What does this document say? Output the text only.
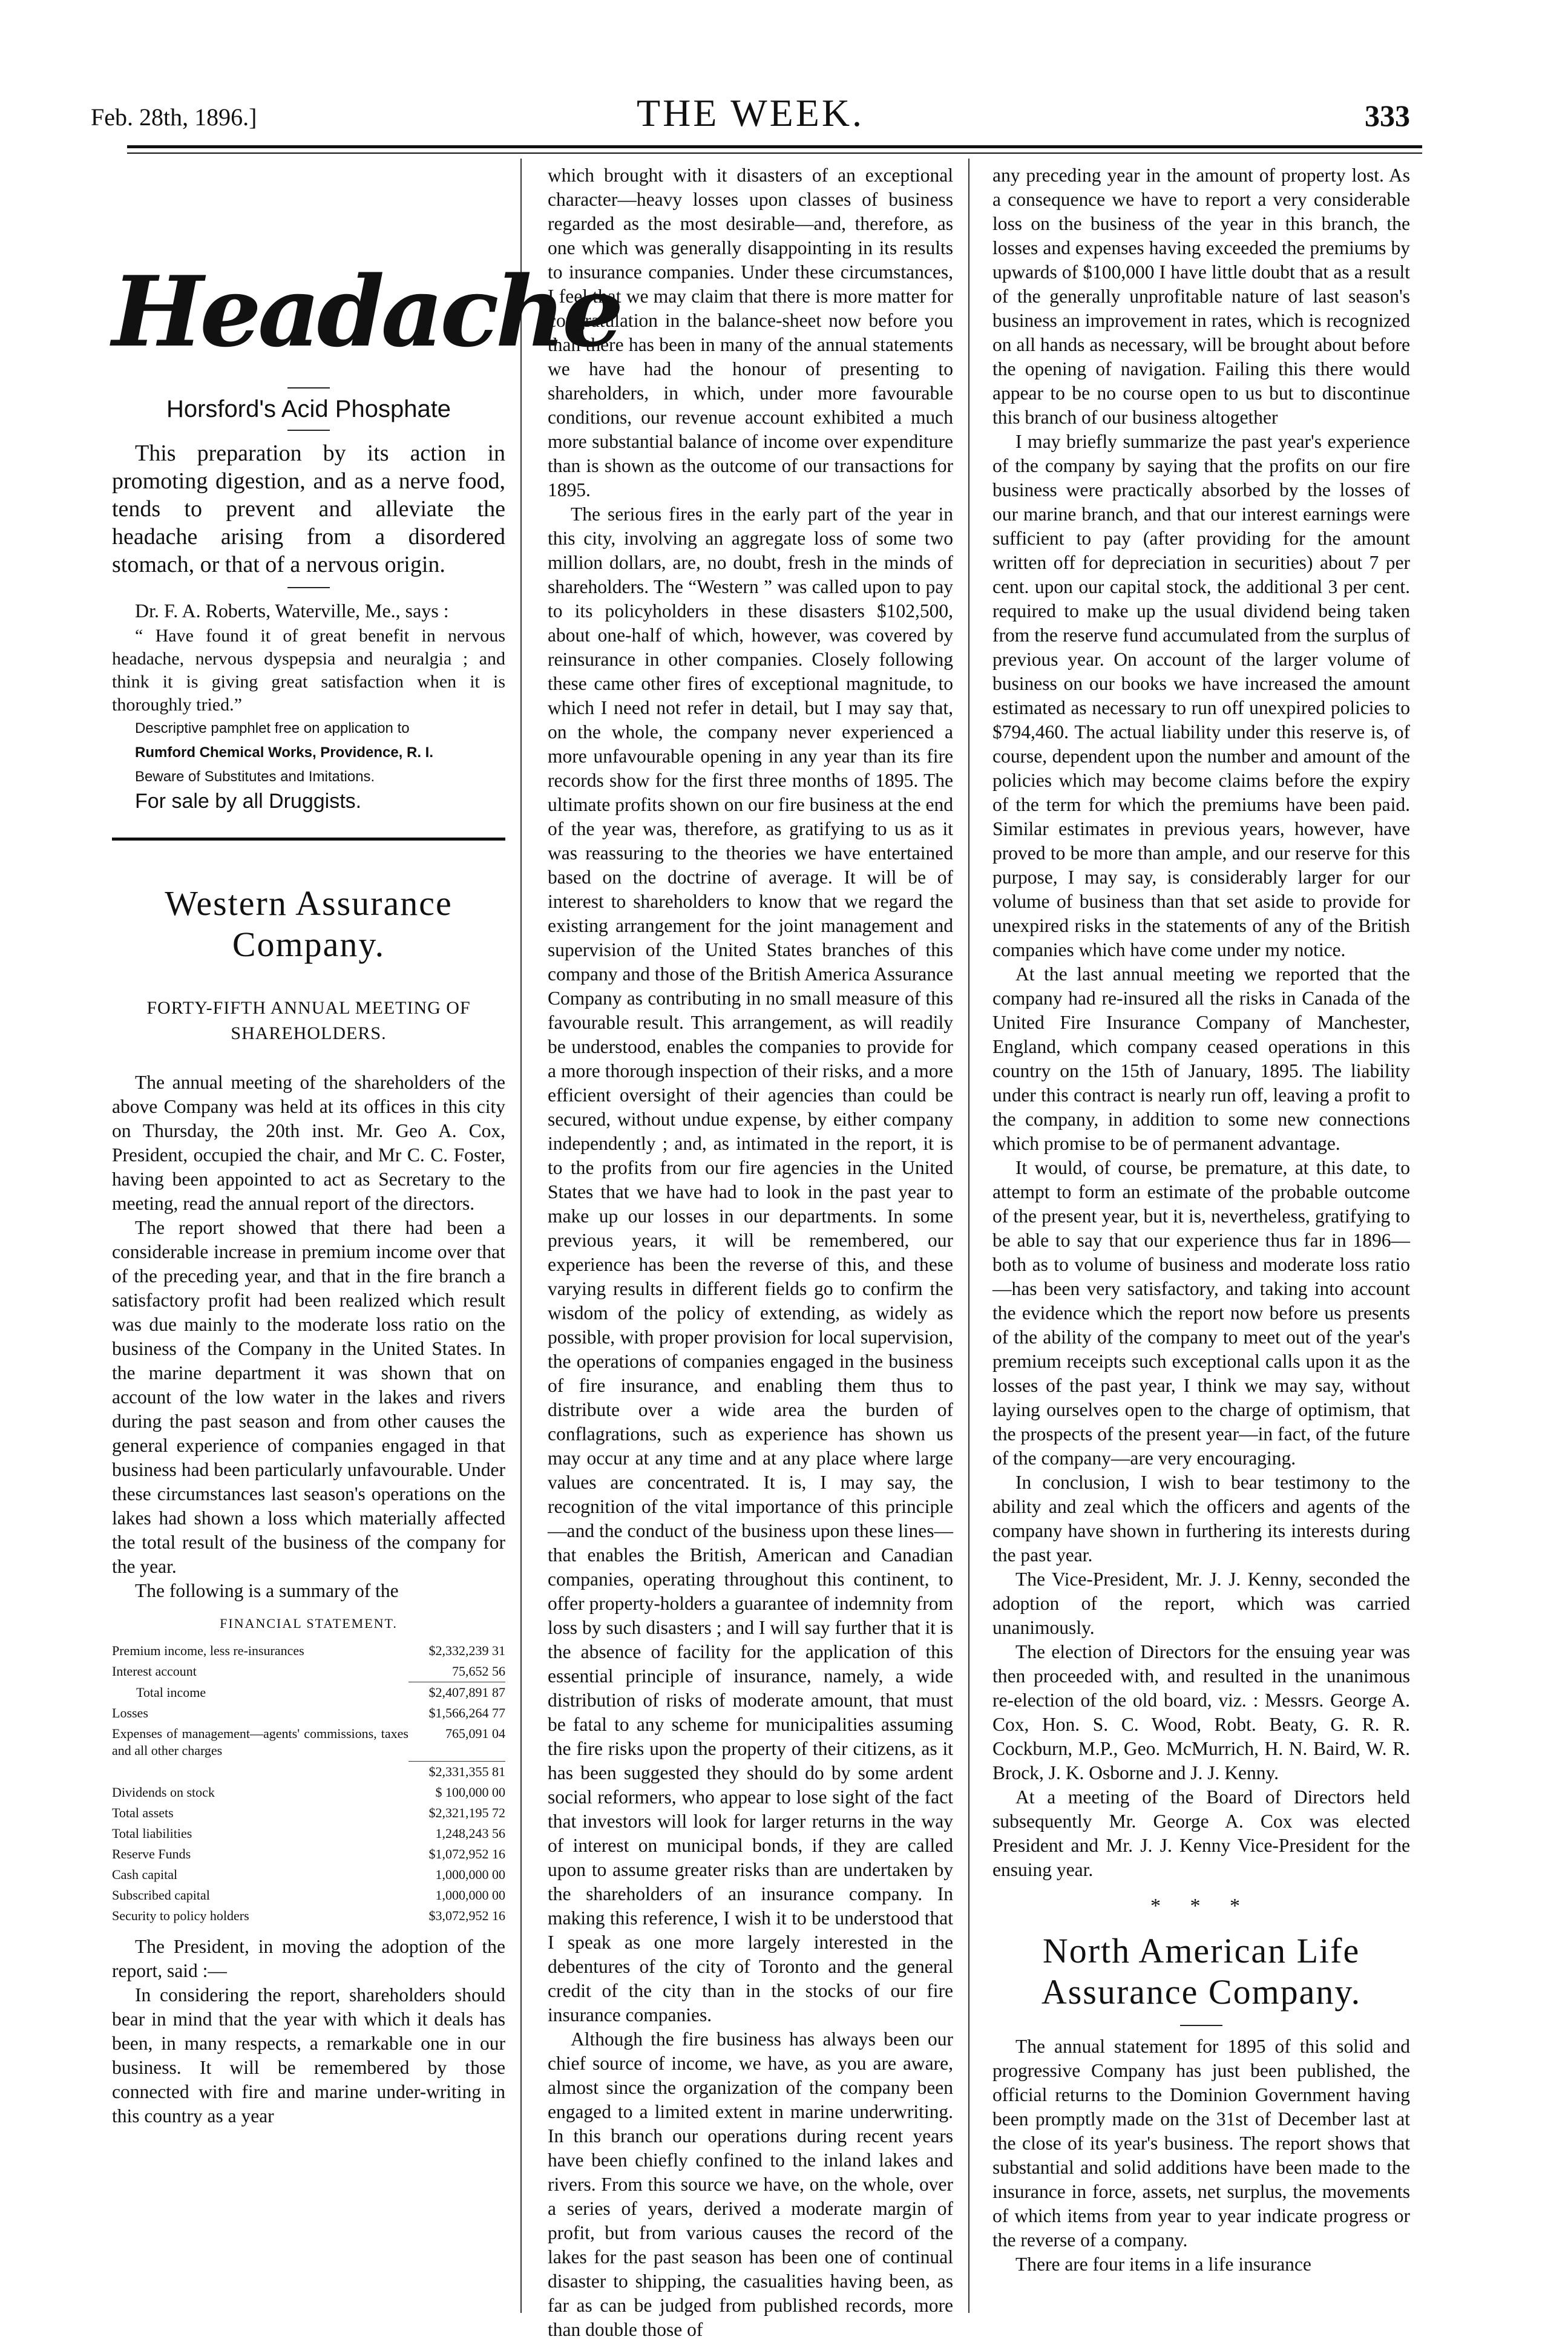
Feb. 28th, 1896.]	THE WEEK.	333
Headache
Horsford's Acid Phosphate

This preparation by its action in promoting digestion, and as a nerve food, tends to prevent and alleviate the headache arising from a disordered stomach, or that of a nervous origin.

Dr. F. A. Roberts, Waterville, Me., says :

“ Have found it of great benefit in nervous headache, nervous dyspepsia and neuralgia ; and think it is giving great satisfaction when it is thoroughly tried.”

Descriptive pamphlet free on application to

Rumford Chemical Works, Providence, R. I.

Beware of Substitutes and Imitations.

For sale by all Druggists.

Western Assurance Company.
FORTY-FIFTH ANNUAL MEETING OF SHAREHOLDERS.

The annual meeting of the shareholders of the above Company was held at its offices in this city on Thursday, the 20th inst. Mr. Geo A. Cox, President, occupied the chair, and Mr C. C. Foster, having been appointed to act as Secretary to the meeting, read the annual report of the directors.

The report showed that there had been a considerable increase in premium income over that of the preceding year, and that in the fire branch a satisfactory profit had been realized which result was due mainly to the moderate loss ratio on the business of the Company in the United States. In the marine department it was shown that on account of the low water in the lakes and rivers during the past season and from other causes the general experience of companies engaged in that business had been particularly unfavourable. Under these circumstances last season's operations on the lakes had shown a loss which materially affected the total result of the business of the company for the year.

The following is a summary of the

FINANCIAL STATEMENT.
Premium income, less re-insurances	$2,332,239 31
Interest account	75,652 56
Total income	$2,407,891 87
Losses	$1,566,264 77
Expenses of management—agents' commissions, taxes and all other charges	765,091 04
	$2,331,355 81
Dividends on stock	$ 100,000 00
Total assets	$2,321,195 72
Total liabilities	1,248,243 56
Reserve Funds	$1,072,952 16
Cash capital	1,000,000 00
Subscribed capital	1,000,000 00
Security to policy holders	$3,072,952 16

The President, in moving the adoption of the report, said :—

In considering the report, shareholders should bear in mind that the year with which it deals has been, in many respects, a remarkable one in our business. It will be remembered by those connected with fire and marine under-writing in this country as a year

which brought with it disasters of an exceptional character—heavy losses upon classes of business regarded as the most desirable—and, therefore, as one which was generally disappointing in its results to insurance companies. Under these circumstances, I feel that we may claim that there is more matter for congratulation in the balance-sheet now before you than there has been in many of the annual statements we have had the honour of presenting to shareholders, in which, under more favourable conditions, our revenue account exhibited a much more substantial balance of income over expenditure than is shown as the outcome of our transactions for 1895.

The serious fires in the early part of the year in this city, involving an aggregate loss of some two million dollars, are, no doubt, fresh in the minds of shareholders. The “Western ” was called upon to pay to its policyholders in these disasters $102,500, about one-half of which, however, was covered by reinsurance in other companies. Closely following these came other fires of exceptional magnitude, to which I need not refer in detail, but I may say that, on the whole, the company never experienced a more unfavourable opening in any year than its fire records show for the first three months of 1895. The ultimate profits shown on our fire business at the end of the year was, therefore, as gratifying to us as it was reassuring to the theories we have entertained based on the doctrine of average. It will be of interest to shareholders to know that we regard the existing arrangement for the joint management and supervision of the United States branches of this company and those of the British America Assurance Company as contributing in no small measure of this favourable result. This arrangement, as will readily be understood, enables the companies to provide for a more thorough inspection of their risks, and a more efficient oversight of their agencies than could be secured, without undue expense, by either company independently ; and, as intimated in the report, it is to the profits from our fire agencies in the United States that we have had to look in the past year to make up our losses in our departments. In some previous years, it will be remembered, our experience has been the reverse of this, and these varying results in different fields go to confirm the wisdom of the policy of extending, as widely as possible, with proper provision for local supervision, the operations of companies engaged in the business of fire insurance, and enabling them thus to distribute over a wide area the burden of conflagrations, such as experience has shown us may occur at any time and at any place where large values are concentrated. It is, I may say, the recognition of the vital importance of this principle—and the conduct of the business upon these lines—that enables the British, American and Canadian companies, operating throughout this continent, to offer property-holders a guarantee of indemnity from loss by such disasters ; and I will say further that it is the absence of facility for the application of this essential principle of insurance, namely, a wide distribution of risks of moderate amount, that must be fatal to any scheme for municipalities assuming the fire risks upon the property of their citizens, as it has been suggested they should do by some ardent social reformers, who appear to lose sight of the fact that investors will look for larger returns in the way of interest on municipal bonds, if they are called upon to assume greater risks than are undertaken by the shareholders of an insurance company. In making this reference, I wish it to be understood that I speak as one more largely interested in the debentures of the city of Toronto and the general credit of the city than in the stocks of our fire insurance companies.

Although the fire business has always been our chief source of income, we have, as you are aware, almost since the organization of the company been engaged to a limited extent in marine underwriting. In this branch our operations during recent years have been chiefly confined to the inland lakes and rivers. From this source we have, on the whole, over a series of years, derived a moderate margin of profit, but from various causes the record of the lakes for the past season has been one of continual disaster to shipping, the casualities having been, as far as can be judged from published records, more than double those of

any preceding year in the amount of property lost. As a consequence we have to report a very considerable loss on the business of the year in this branch, the losses and expenses having exceeded the premiums by upwards of $100,000 I have little doubt that as a result of the generally unprofitable nature of last season's business an improvement in rates, which is recognized on all hands as necessary, will be brought about before the opening of navigation. Failing this there would appear to be no course open to us but to discontinue this branch of our business altogether

I may briefly summarize the past year's experience of the company by saying that the profits on our fire business were practically absorbed by the losses of our marine branch, and that our interest earnings were sufficient to pay (after providing for the amount written off for depreciation in securities) about 7 per cent. upon our capital stock, the additional 3 per cent. required to make up the usual dividend being taken from the reserve fund accumulated from the surplus of previous year. On account of the larger volume of business on our books we have increased the amount estimated as necessary to run off unexpired policies to $794,460. The actual liability under this reserve is, of course, dependent upon the number and amount of the policies which may become claims before the expiry of the term for which the premiums have been paid. Similar estimates in previous years, however, have proved to be more than ample, and our reserve for this purpose, I may say, is considerably larger for our volume of business than that set aside to provide for unexpired risks in the statements of any of the British companies which have come under my notice.

At the last annual meeting we reported that the company had re-insured all the risks in Canada of the United Fire Insurance Company of Manchester, England, which company ceased operations in this country on the 15th of January, 1895. The liability under this contract is nearly run off, leaving a profit to the company, in addition to some new connections which promise to be of permanent advantage.

It would, of course, be premature, at this date, to attempt to form an estimate of the probable outcome of the present year, but it is, nevertheless, gratifying to be able to say that our experience thus far in 1896—both as to volume of business and moderate loss ratio—has been very satisfactory, and taking into account the evidence which the report now before us presents of the ability of the company to meet out of the year's premium receipts such exceptional calls upon it as the losses of the past year, I think we may say, without laying ourselves open to the charge of optimism, that the prospects of the present year—in fact, of the future of the company—are very encouraging.

In conclusion, I wish to bear testimony to the ability and zeal which the officers and agents of the company have shown in furthering its interests during the past year.

The Vice-President, Mr. J. J. Kenny, seconded the adoption of the report, which was carried unanimously.

The election of Directors for the ensuing year was then proceeded with, and resulted in the unanimous re-election of the old board, viz. : Messrs. George A. Cox, Hon. S. C. Wood, Robt. Beaty, G. R. R. Cockburn, M.P., Geo. McMurrich, H. N. Baird, W. R. Brock, J. K. Osborne and J. J. Kenny.

At a meeting of the Board of Directors held subsequently Mr. George A. Cox was elected President and Mr. J. J. Kenny Vice-President for the ensuing year.

* * *
North American Life Assurance Company.

The annual statement for 1895 of this solid and progressive Company has just been published, the official returns to the Dominion Government having been promptly made on the 31st of December last at the close of its year's business. The report shows that substantial and solid additions have been made to the insurance in force, assets, net surplus, the movements of which items from year to year indicate progress or the reverse of a company.

There are four items in a life insurance
